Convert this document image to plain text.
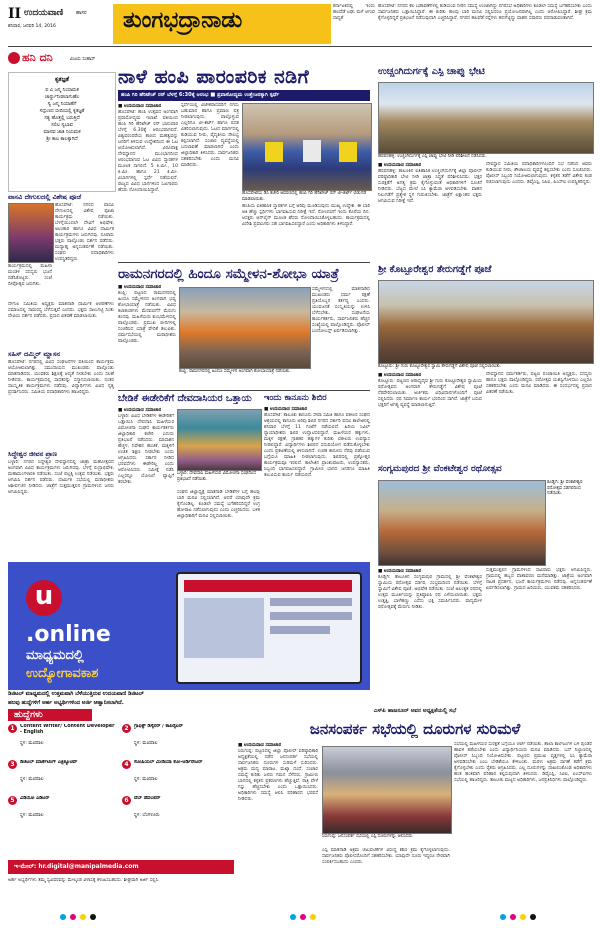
II ಉದಯವಾಣಿ	ಹಾಸನ
ಶನಿವಾರ, ಜನವರಿ 14, 2016	ತುಂಗಭದ್ರಾನಾಡು
ಕರ್ನಾಟಕದಲ್ಲಿ ಇಂದು ಹಲವೆಡೆ ಲಘು ಮಳೆ ಆಗುವ ಸಾಧ್ಯತೆ
ಹೊಸಪೇಟೆ: ನಗರದ ಕೆಲ ಬಡಾವಣೆಗಳಲ್ಲಿ ಕುಡಿಯುವ ನೀರಿನ ಸಮಸ್ಯೆ ಉಂಟಾಗಿದ್ದು ನಗರಸಭೆ ಅಧಿಕಾರಿಗಳು ಕೂಡಲೇ ಸಮಸ್ಯೆ ಬಗೆಹರಿಸಬೇಕು ಎಂದು ಸಾರ್ವಜನಿಕರು ಒತ್ತಾಯಿಸಿದ್ದಾರೆ. ಈ ಕುರಿತು ಹಲವು ಬಾರಿ ಮನವಿ ಸಲ್ಲಿಸಿದರೂ ಪ್ರಯೋಜನವಾಗಿಲ್ಲ ಎಂದು ಆರೋಪಿಸಿದ್ದಾರೆ. ಶೀಘ್ರ ಕ್ರಮ ಕೈಗೊಳ್ಳದಿದ್ದರೆ ಪ್ರತಿಭಟನೆ ನಡೆಸುವುದಾಗಿ ಎಚ್ಚರಿಸಿದ್ದಾರೆ. ನಗರದ ಹಲವೆಡೆ ರಸ್ತೆಗಳು ಹದಗೆಟ್ಟಿದ್ದು ವಾಹನ ಸವಾರರು ಪರದಾಡುವಂತಾಗಿದೆ.
ಹನಿ ದನಿ	ವಿಜಯ ಸುಹಾಸ್
ಕೃತಜ್ಞತೆ
ಪ ವಿ ಜನ್ಮ ನಿಯಾಮಕ
ಚಾರ್ರ್ದುನೀಡಲಾಗುಹೆಲ
ಸ್ವ ಜನ್ಮ ನಿಯಾಹೆಗೆ
ಸದ್ಗುಣದ ಬೀದಿಯಲ್ಲಿ ಕೃತಜ್ಞತೆ
ಸತ್ಯ ಹೊತ್ತಲ್ಲಿ ಬರುತ್ತಿದೆ
ಸಲಿಲ ಸ್ವಭಾವ
ಮಾನವ ಜಾತಿ ನಿಯಮಕ
ಶ್ರೀ ಕಾಲ ಕಾಲಕ್ಕಾಗಿದೆ
ವಾಸವಿ ದೇಗುಲದಲ್ಲಿ ವಿಶೇಷ ಪೂಜೆ
ಹೊಸಪೇಟೆ: ನಗರದ ವಾಸವಿ ದೇಗುಲದಲ್ಲಿ ವಿಶೇಷ ಪೂಜಾ ಕಾರ್ಯಕ್ರಮ ನಡೆಯಿತು. ಬೆಳಗ್ಗೆಯಿಂದಲೇ ದೇವಿಗೆ ಅಭಿಷೇಕ, ಅಲಂಕಾರ ಹಾಗೂ ವಿವಿಧ ಧಾರ್ಮಿಕ ಕಾರ್ಯಕ್ರಮಗಳು ಜರುಗಿದವು. ನೂರಾರು ಭಕ್ತರು ಪಾಲ್ಗೊಂಡು ದರ್ಶನ ಪಡೆದರು. ಮಧ್ಯಾಹ್ನ ಅನ್ನಸಂತರ್ಪಣೆ ನಡೆಯಿತು. ಸಂಘದ ಪದಾಧಿಕಾರಿಗಳು ಉಪಸ್ಥಿತರಿದ್ದರು.
ಕಾರ್ಯಕ್ರಮದಲ್ಲಿ ಮಹಿಳಾ ಮಂಡಳಿ ಸದಸ್ಯರು ಭಜನೆ ನಡೆಸಿಕೊಟ್ಟರು. ಸಂಜೆ ದೀಪೋತ್ಸವ ಜರುಗಿತು.
ದೇಗುಲ ಸಮಿತಿಯ ಅಧ್ಯಕ್ಷರು ಮಾತನಾಡಿ ಧಾರ್ಮಿಕ ಆಚರಣೆಗಳು ಸಮಾಜದಲ್ಲಿ ಸಾಮರಸ್ಯ ಬೆಳೆಸುತ್ತವೆ ಎಂದರು. ಭಕ್ತರು ಸಾಲುಗಟ್ಟಿ ನಿಂತು ದೇವಿಯ ದರ್ಶನ ಪಡೆದರು. ಪ್ರಸಾದ ವಿತರಣೆ ಮಾಡಲಾಯಿತು.
ಸಹಿಸ್ ದಮ್ಮಿರ್ ಮ್ಹಾಸನ
ಹೊಸಪೇಟೆ: ನಗರದಲ್ಲಿ ವಿವಿಧ ಸಂಘಟನೆಗಳ ವತಿಯಿಂದ ಕಾರ್ಯಕ್ರಮ ಆಯೋಜಿಸಲಾಗಿತ್ತು. ಸಮುದಾಯದ ಮುಖಂಡರು ಪಾಲ್ಗೊಂಡು ಮಾತನಾಡಿದರು. ಯುವಕರು ಶಿಕ್ಷಣಕ್ಕೆ ಆದ್ಯತೆ ನೀಡಬೇಕು ಎಂದು ಸಲಹೆ ನೀಡಿದರು. ಕಾರ್ಯಕ್ರಮದಲ್ಲಿ ಸಾಧಕರನ್ನು ಸನ್ಮಾನಿಸಲಾಯಿತು. ನಂತರ ಸಾಂಸ್ಕೃತಿಕ ಕಾರ್ಯಕ್ರಮಗಳು ನಡೆದವು. ವಿದ್ಯಾರ್ಥಿಗಳು ವಿವಿಧ ನೃತ್ಯ ಪ್ರದರ್ಶಿಸಿದರು. ಸಮಿತಿಯ ಪದಾಧಿಕಾರಿಗಳು ಹಾಜರಿದ್ದರು.
ಸಿದ್ಧೇಶ್ವರ ಜೀವನ ಪ್ರಾಣ
ಬಳ್ಳಾರಿ: ನಗರದ ಸಿದ್ಧೇಶ್ವರ ದೇವಸ್ಥಾನದಲ್ಲಿ ಜಾತ್ರಾ ಮಹೋತ್ಸವದ ಅಂಗವಾಗಿ ವಿವಿಧ ಕಾರ್ಯಕ್ರಮಗಳು ಜರುಗಿದವು. ಬೆಳಗ್ಗೆ ರುದ್ರಾಭಿಷೇಕ, ಮಹಾಮಂಗಳಾರತಿ ನಡೆಯಿತು. ಸಂಜೆ ಪಲ್ಲಕ್ಕಿ ಉತ್ಸವ ನಡೆಯಿತು. ಭಕ್ತರು ಆಗಮಿಸಿ ದರ್ಶನ ಪಡೆದರು. ಧಾರ್ಮಿಕ ಸಭೆಯಲ್ಲಿ ಮಠಾಧೀಶರು ಆಶೀರ್ವಚನ ನೀಡಿದರು. ಜಾತ್ರೆಗೆ ಸುತ್ತಮುತ್ತಲಿನ ಗ್ರಾಮಗಳಿಂದ ಜನರು ಆಗಮಿಸಿದ್ದರು.
ನಾಳೆ ಹಂಪಿ ಪಾರಂಪರಿಕ ನಡಿಗೆ
ಹಂಪಿ ಗಿರಿ ಹೆರಿಟೇಜ್ ರನ್ ಬೆಳಗ್ಗೆ 6:30ಕ್ಕೆ ಆರಂಭ ■ ಪ್ರವಾಸೋದ್ಯಮ ಉತ್ತೇಜನಕ್ಕಾಗಿ ಸ್ಪರ್ಧೆ
■ ಉದಯವಾಣಿ ಸಮಾಚಾರ
ಹೊಸಪೇಟೆ: ಹಂಪಿ ಉತ್ಸವದ ಅಂಗವಾಗಿ ಪ್ರವಾಸೋದ್ಯಮ ಇಲಾಖೆ ವತಿಯಿಂದ ಹಂಪಿ ಗಿರಿ ಹೆರಿಟೇಜ್ ರನ್ ಭಾನುವಾರ ಬೆಳಗ್ಗೆ 6.30ಕ್ಕೆ ಆರಂಭವಾಗಲಿದೆ. ವಿಶ್ವಪರಂಪರೆಯ ತಾಣದ ಮಹತ್ವವನ್ನು ಜನರಿಗೆ ತಿಳಿಸುವ ಉದ್ದೇಶದಿಂದ ಈ ಓಟ ಆಯೋಜಿಸಲಾಗಿದೆ. ವಿರೂಪಾಕ್ಷ ದೇವಸ್ಥಾನದ ಮುಂಭಾಗದಿಂದ ಆರಂಭವಾಗುವ ಓಟ ವಿವಿಧ ಸ್ಮಾರಕಗಳ ಮೂಲಕ ಸಾಗಲಿದೆ. 5 ಕಿ.ಮೀ., 10 ಕಿ.ಮೀ. ಹಾಗೂ 21 ಕಿ.ಮೀ. ವಿಭಾಗಗಳಲ್ಲಿ ಸ್ಪರ್ಧೆ ನಡೆಯಲಿದೆ. ರಾಜ್ಯದ ವಿವಿಧ ಭಾಗಗಳಿಂದ ಓಟಗಾರರು ಹೆಸರು ನೋಂದಾಯಿಸಿದ್ದಾರೆ.
ಸ್ಪರ್ಧೆಯಲ್ಲಿ ವಿಜೇತರಾದವರಿಗೆ ನಗದು ಬಹುಮಾನ ಹಾಗೂ ಪ್ರಮಾಣ ಪತ್ರ ನೀಡಲಾಗುವುದು. ಪಾಲ್ಗೊಳ್ಳುವ ಎಲ್ಲರಿಗೂ ಟೀ-ಶರ್ಟ್ ಹಾಗೂ ಪದಕ ವಿತರಿಸಲಾಗುವುದು. ಓಟದ ಮಾರ್ಗದಲ್ಲಿ ಕುಡಿಯುವ ನೀರು, ವೈದ್ಯಕೀಯ ಸೌಲಭ್ಯ ಕಲ್ಪಿಸಲಾಗಿದೆ. ಸಂಚಾರ ವ್ಯವಸ್ಥೆಯಲ್ಲಿ ಬದಲಾವಣೆ ಮಾಡಲಾಗಿದೆ ಎಂದು ಜಿಲ್ಲಾಧಿಕಾರಿ ತಿಳಿಸಿದರು. ಸಾರ್ವಜನಿಕರು ಸಹಕರಿಸಬೇಕು ಎಂದು ಮನವಿ ಮಾಡಿದರು.
ಹೊಸಪೇಟೆಯ ಡಿಸಿ ಕಚೇರಿ ಆವರಣದಲ್ಲಿ ಹಂಪಿ ಗಿರಿ ಹೆರಿಟೇಜ್ ರನ್ ಟೀ-ಶರ್ಟ್ ಬಿಡುಗಡೆ ಮಾಡಲಾಯಿತು.
ಹಂಪಿಯ ಐತಿಹಾಸಿಕ ಸ್ಮಾರಕಗಳ ಬಗ್ಗೆ ಅರಿವು ಮೂಡಿಸುವುದು ಮುಖ್ಯ ಉದ್ದೇಶ. ಈ ಬಾರಿ ಅತಿ ಹೆಚ್ಚು ಸ್ಪರ್ಧಿಗಳು ಭಾಗವಹಿಸುವ ನಿರೀಕ್ಷೆ ಇದೆ. ನೋಂದಣಿಗೆ ಇಂದು ಕೊನೆಯ ದಿನ. ಆಸಕ್ತರು ಆನ್‌ಲೈನ್ ಮೂಲಕ ಹೆಸರು ನೋಂದಾಯಿಸಿಕೊಳ್ಳಬಹುದು. ಕಾರ್ಯಕ್ರಮದಲ್ಲಿ ವಿದೇಶಿ ಪ್ರವಾಸಿಗರು ಸಹ ಭಾಗವಹಿಸಲಿದ್ದಾರೆ ಎಂದು ಅಧಿಕಾರಿಗಳು ತಿಳಿಸಿದ್ದಾರೆ.
ರಾಮನಗರದಲ್ಲಿ ಹಿಂದೂ ಸಮ್ಮೇಳನ-ಶೋಭಾ ಯಾತ್ರೆ
■ ಉದಯವಾಣಿ ಸಮಾಚಾರ
ಕಂಪ್ಲಿ: ಪಟ್ಟಣದ ರಾಮನಗರದಲ್ಲಿ ಹಿಂದೂ ಸಮ್ಮೇಳನದ ಅಂಗವಾಗಿ ಭವ್ಯ ಶೋಭಾಯಾತ್ರೆ ನಡೆಯಿತು. ವಿವಿಧ ಕಲಾತಂಡಗಳು ಮೆರವಣಿಗೆಗೆ ಮೆರುಗು ತಂದವು. ಮಹಿಳೆಯರು ಕುಂಭಮೇಳದಲ್ಲಿ ಪಾಲ್ಗೊಂಡರು. ಪ್ರಮುಖ ಬೀದಿಗಳಲ್ಲಿ ಸಂಚರಿಸಿದ ಯಾತ್ರೆ ವೇದಿಕೆ ತಲುಪಿತು. ಧರ್ಮಸಭೆಯಲ್ಲಿ ಮಠಾಧೀಶರು ಪಾಲ್ಗೊಂಡರು.
ಕಂಪ್ಲಿ: ರಾಮನಗರದಲ್ಲಿ ಹಿಂದೂ ಸಮ್ಮೇಳನ ಅಂಗವಾಗಿ ಶೋಭಾಯಾತ್ರೆ ನಡೆಯಿತು.
ಸಮ್ಮೇಳನದಲ್ಲಿ ಮಾತನಾಡಿದ ಮುಖಂಡರು ಧರ್ಮ ರಕ್ಷಣೆ ಪ್ರತಿಯೊಬ್ಬರ ಕರ್ತವ್ಯ ಎಂದರು. ಯುವಜನತೆ ಸಂಸ್ಕೃತಿಯನ್ನು ಉಳಿಸಿ ಬೆಳೆಸಬೇಕು. ಸಂಘಟನೆಯ ಕಾರ್ಯಕರ್ತರು, ಸಾರ್ವಜನಿಕರು ಹೆಚ್ಚಿನ ಸಂಖ್ಯೆಯಲ್ಲಿ ಪಾಲ್ಗೊಂಡಿದ್ದರು. ಪೊಲೀಸ್ ಬಂದೋಬಸ್ತ್ ಏರ್ಪಡಿಸಲಾಗಿತ್ತು.
ಬೇಡಿಕೆ ಈಡೇರಿಕೆಗೆ ದೇವದಾಸಿಯರ ಒತ್ತಾಯ
■ ಉದಯವಾಣಿ ಸಮಾಚಾರ
ಬಳ್ಳಾರಿ: ವಿವಿಧ ಬೇಡಿಕೆಗಳ ಈಡೇರಿಕೆಗೆ ಒತ್ತಾಯಿಸಿ ದೇವದಾಸಿ ಮಹಿಳೆಯರ ವಿಮೋಚನಾ ಸಂಘದ ಕಾರ್ಯಕರ್ತರು ಜಿಲ್ಲಾಧಿಕಾರಿ ಕಚೇರಿ ಎದುರು ಪ್ರತಿಭಟನೆ ನಡೆಸಿದರು. ಮಾಸಾಶನ ಹೆಚ್ಚಳ, ನಿವೇಶನ ಹಂಚಿಕೆ, ಮಕ್ಕಳಿಗೆ ಉಚಿತ ಶಿಕ್ಷಣ ನೀಡಬೇಕು ಎಂದು ಆಗ್ರಹಿಸಿದರು. ಸರ್ಕಾರ ನೀಡಿದ ಭರವಸೆಗಳು ಈಡೇರಿಲ್ಲ ಎಂದು ಆರೋಪಿಸಿದರು. ಸಮೀಕ್ಷೆ ನಡೆಸಿ ಎಲ್ಲರನ್ನೂ ಯೋಜನೆ ವ್ಯಾಪ್ತಿಗೆ ತರಬೇಕು.
ಬಳ್ಳಾರಿ: ದೇವದಾಸಿ ಮಹಿಳೆಯರ ವಿಮೋಚನಾ ಸಂಘದಿಂದ ಪ್ರತಿಭಟನೆ ನಡೆಯಿತು.
ಸಂಘದ ಜಿಲ್ಲಾಧ್ಯಕ್ಷೆ ಮಾತನಾಡಿ ಬೇಡಿಕೆಗಳ ಬಗ್ಗೆ ಹಲವು ಬಾರಿ ಮನವಿ ಸಲ್ಲಿಸಲಾಗಿದೆ. ಆದರೆ ಯಾವುದೇ ಕ್ರಮ ಕೈಗೊಂಡಿಲ್ಲ. ಕೂಡಲೇ ಸಮಸ್ಯೆ ಬಗೆಹರಿಸದಿದ್ದರೆ ಉಗ್ರ ಹೋರಾಟ ನಡೆಸಲಾಗುವುದು ಎಂದು ಎಚ್ಚರಿಸಿದರು. ಬಳಿಕ ಜಿಲ್ಲಾಧಿಕಾರಿಗೆ ಮನವಿ ಸಲ್ಲಿಸಲಾಯಿತು.
ಇಂದು ಕಾನೂನು ಶಿಬಿರ
■ ಉದಯವಾಣಿ ಸಮಾಚಾರ
ಹೊಸಪೇಟೆ: ತಾಲೂಕು ಕಾನೂನು ಸೇವಾ ಸಮಿತಿ ಹಾಗೂ ವಕೀಲರ ಸಂಘದ ಆಶ್ರಯದಲ್ಲಿ ಕಾನೂನು ಅರಿವು ಶಿಬಿರ ನಗರದ ಸರ್ಕಾರಿ ಪದವಿ ಕಾಲೇಜಿನಲ್ಲಿ ಶನಿವಾರ ಬೆಳಗ್ಗೆ 11 ಗಂಟೆಗೆ ನಡೆಯಲಿದೆ. ಹಿರಿಯ ಸಿವಿಲ್ ನ್ಯಾಯಾಧೀಶರು ಶಿಬಿರ ಉದ್ಘಾಟಿಸಲಿದ್ದಾರೆ. ಮಹಿಳೆಯರ ಹಕ್ಕುಗಳು, ಮಕ್ಕಳ ರಕ್ಷಣೆ, ಗ್ರಾಹಕರ ಹಕ್ಕುಗಳ ಕುರಿತು ವಕೀಲರು ಉಪನ್ಯಾಸ ನೀಡಲಿದ್ದಾರೆ. ವಿದ್ಯಾರ್ಥಿಗಳು ಶಿಬಿರದ ಸದುಪಯೋಗ ಪಡೆದುಕೊಳ್ಳಬೇಕು ಎಂದು ಪ್ರಕಟಣೆಯಲ್ಲಿ ತಿಳಿಸಲಾಗಿದೆ. ಉಚಿತ ಕಾನೂನು ನೆರವು ಪಡೆಯುವ ಬಗ್ಗೆಯೂ ಮಾಹಿತಿ ನೀಡಲಾಗುವುದು. ಶಿಬಿರದಲ್ಲಿ ಪ್ರಶ್ನೋತ್ತರ ಕಾರ್ಯಕ್ರಮವೂ ಇರಲಿದೆ. ಕಾಲೇಜಿನ ಪ್ರಾಂಶುಪಾಲರು, ಉಪನ್ಯಾಸಕರು, ಸಿಬ್ಬಂದಿ ಭಾಗವಹಿಸಲಿದ್ದಾರೆ. ಗ್ರಾಮೀಣ ಭಾಗದ ಜನರಿಗೂ ಮಾಹಿತಿ ತಲುಪಿಸುವ ಕಾರ್ಯ ನಡೆಯಲಿದೆ.
ಉಚ್ಚಂಗಿದುರ್ಗಕ್ಕೆ ಎಸ್ಪಿ ಚಾಪ್ನು ಭೇಟಿ
ಹರಪನಹಳ್ಳಿ: ಉಚ್ಚಂಗಿದುರ್ಗಕ್ಕೆ ಎಸ್ಪಿ ಚಾಪ್ನು ಭೇಟಿ ನೀಡಿ ಪರಿಶೀಲನೆ ನಡೆಸಿದರು.
■ ಉದಯವಾಣಿ ಸಮಾಚಾರ
ಹರಪನಹಳ್ಳಿ: ತಾಲೂಕಿನ ಐತಿಹಾಸಿಕ ಉಚ್ಚಂಗಿದುರ್ಗಕ್ಕೆ ಜಿಲ್ಲಾ ಪೊಲೀಸ್ ವರಿಷ್ಠಾಧಿಕಾರಿ ಭೇಟಿ ನೀಡಿ ಜಾತ್ರಾ ಸಿದ್ಧತೆ ಪರಿಶೀಲಿಸಿದರು. ಭಕ್ತರ ಸುರಕ್ಷತೆಗೆ ಅಗತ್ಯ ಕ್ರಮ ಕೈಗೊಳ್ಳುವಂತೆ ಅಧಿಕಾರಿಗಳಿಗೆ ಸೂಚನೆ ನೀಡಿದರು. ಬೆಟ್ಟದ ಮೇಲೆ ಸಿಸಿ ಕ್ಯಾಮೆರಾ ಅಳವಡಿಸಬೇಕು. ವಾಹನ ನಿಲುಗಡೆಗೆ ಪ್ರತ್ಯೇಕ ಸ್ಥಳ ಗುರುತಿಸಬೇಕು. ಜಾತ್ರೆಗೆ ಲಕ್ಷಾಂತರ ಭಕ್ತರು ಆಗಮಿಸುವ ನಿರೀಕ್ಷೆ ಇದೆ.
ದೇವಸ್ಥಾನ ಸಮಿತಿಯ ಪದಾಧಿಕಾರಿಗಳೊಂದಿಗೆ ಸಭೆ ನಡೆಸಿದ ಅವರು ಕುಡಿಯುವ ನೀರು, ಶೌಚಾಲಯ ವ್ಯವಸ್ಥೆ ಕಲ್ಪಿಸಬೇಕು ಎಂದು ಸೂಚಿಸಿದರು. ಪೊಲೀಸ್ ಸಿಬ್ಬಂದಿ ನಿಯೋಜಿಸಲಾಗುವುದು. ಕಳ್ಳತನ ತಡೆಗೆ ವಿಶೇಷ ತಂಡ ರಚಿಸಲಾಗುವುದು ಎಂದರು. ಡಿವೈಎಸ್ಪಿ, ಸಿಪಿಐ, ಪಿಎಸ್‌ಐ ಉಪಸ್ಥಿತರಿದ್ದರು.
ಶ್ರೀ ಕೊಟ್ಟೂರೇಶ್ವರ ತೇರುಗಡ್ಡೆಗೆ ಪೂಜೆ
ಕೊಟ್ಟೂರು: ಶ್ರೀ ಗುರು ಕೊಟ್ಟೂರೇಶ್ವರ ಸ್ವಾಮಿ ತೇರುಗಡ್ಡೆಗೆ ವಿಶೇಷ ಪೂಜೆ ಸಲ್ಲಿಸಲಾಯಿತು.
■ ಉದಯವಾಣಿ ಸಮಾಚಾರ
ಕೊಟ್ಟೂರು: ಪಟ್ಟಣದ ಆರಾಧ್ಯದೈವ ಶ್ರೀ ಗುರು ಕೊಟ್ಟೂರೇಶ್ವರ ಸ್ವಾಮಿಯ ರಥೋತ್ಸವದ ಅಂಗವಾಗಿ ತೇರುಗಡ್ಡೆಗೆ ವಿಶೇಷ ಪೂಜೆ ನೆರವೇರಿಸಲಾಯಿತು. ಅರ್ಚಕರು ವಿಧಿವಿಧಾನಗಳೊಂದಿಗೆ ಪೂಜೆ ಸಲ್ಲಿಸಿದರು. ರಥ ನಿರ್ಮಾಣ ಕಾರ್ಯ ಭರದಿಂದ ಸಾಗಿದೆ. ಜಾತ್ರೆಗೆ ಬರುವ ಭಕ್ತರಿಗೆ ಅಗತ್ಯ ವ್ಯವಸ್ಥೆ ಮಾಡಲಾಗುತ್ತಿದೆ.
ದೇವಸ್ಥಾನದ ಧರ್ಮಕರ್ತರು, ಪಟ್ಟಣ ಪಂಚಾಯಿತಿ ಅಧ್ಯಕ್ಷರು, ಸದಸ್ಯರು ಹಾಗೂ ಭಕ್ತರು ಪಾಲ್ಗೊಂಡಿದ್ದರು. ರಥೋತ್ಸವ ಯಶಸ್ವಿಗೊಳಿಸಲು ಎಲ್ಲರೂ ಸಹಕರಿಸಬೇಕು ಎಂದು ಮನವಿ ಮಾಡಿದರು. ಈ ಸಂದರ್ಭದಲ್ಲಿ ಪ್ರಸಾದ ವಿತರಣೆ ನಡೆಯಿತು.
ಸಂಗ್ಯಮಪುರದ ಶ್ರೀ ವೆಂಕಟೇಶ್ವರ ರಥೋತ್ಸವ
ಕೂಡ್ಲಿಗಿ: ಶ್ರೀ ವೆಂಕಟೇಶ್ವರ ರಥೋತ್ಸವ ಸಡಗರದಿಂದ ನಡೆಯಿತು.
■ ಉದಯವಾಣಿ ಸಮಾಚಾರ
ಕೂಡ್ಲಿಗಿ: ತಾಲೂಕಿನ ಸಂಗ್ಯಮಪುರ ಗ್ರಾಮದಲ್ಲಿ ಶ್ರೀ ವೆಂಕಟೇಶ್ವರ ಸ್ವಾಮಿಯ ರಥೋತ್ಸವ ಸಡಗರ, ಸಂಭ್ರಮದಿಂದ ನಡೆಯಿತು. ಬೆಳಗ್ಗೆ ಸ್ವಾಮಿಗೆ ವಿಶೇಷ ಪೂಜೆ, ಅಭಿಷೇಕ ನಡೆಯಿತು. ಸಂಜೆ ಅಲಂಕೃತ ರಥದಲ್ಲಿ ಉತ್ಸವ ಮೂರ್ತಿಯನ್ನು ಪ್ರತಿಷ್ಠಾಪಿಸಿ ರಥ ಎಳೆಯಲಾಯಿತು. ಭಕ್ತರು ಉತ್ತತ್ತಿ, ಬಾಳೆಹಣ್ಣು ಎಸೆದು ಭಕ್ತಿ ಸಮರ್ಪಿಸಿದರು. ವಾದ್ಯಮೇಳ ರಥೋತ್ಸವಕ್ಕೆ ಮೆರುಗು ನೀಡಿತು.
ಸುತ್ತಮುತ್ತಲಿನ ಗ್ರಾಮಗಳಿಂದ ಸಾವಿರಾರು ಭಕ್ತರು ಆಗಮಿಸಿದ್ದರು. ಗ್ರಾಮದಲ್ಲಿ ಹಬ್ಬದ ವಾತಾವರಣ ಮನೆಮಾಡಿತ್ತು. ಜಾತ್ರೆಯ ಅಂಗವಾಗಿ ನಾಟಕ ಪ್ರದರ್ಶನ, ಭಜನೆ ಕಾರ್ಯಕ್ರಮಗಳು ನಡೆದವು. ಅನ್ನಸಂತರ್ಪಣೆ ಏರ್ಪಡಿಸಲಾಗಿತ್ತು. ಗ್ರಾಮದ ಹಿರಿಯರು, ಯುವಕರು ಸಹಕರಿಸಿದರು.
u
.online
ಮಾಧ್ಯಮದಲ್ಲಿ
ಉದ್ಯೋಗಾವಕಾಶ
ಡಿಜಿಟಲ್ ಮಾಧ್ಯಮದಲ್ಲಿ ಉತ್ತಮವಾಗಿ ಬೆಳೆಯುತ್ತಿರುವ ಉದಯವಾಣಿ ಡಿಜಿಟಲ್
ಹಲವು ಹುದ್ದೆಗಳಿಗೆ ಅರ್ಹ ಅಭ್ಯರ್ಥಿಗಳಿಂದ ಅರ್ಜಿ ಆಹ್ವಾನಿಸಲಾಗಿದೆ.
ಹುದ್ದೆಗಳು
1	Content Writer/ Content Developer - English
ಸ್ಥಳ: ಮಣಿಪಾಲ
2	ಗ್ರಾಫಿಕ್ಸ್ ಡಿಸೈನರ್ / ಕಾಪಿರೈಟರ್
ಸ್ಥಳ: ಮಣಿಪಾಲ
3	ಡಿಜಿಟಲ್ ಮಾರ್ಕೆಟಿಂಗ್ ಎಕ್ಸಿಕ್ಯೂಟಿವ್
ಸ್ಥಳ: ಮಣಿಪಾಲ
4	ಸೋಷಿಯಲ್ ಮೀಡಿಯಾ ಕೋ-ಆರ್ಡಿನೇಟರ್
ಸ್ಥಳ: ಮಣಿಪಾಲ
5	ವಿಡಿಯೋ ಎಡಿಟರ್
ಸ್ಥಳ: ಮಣಿಪಾಲ
6	ವೆಬ್ ಡೆವಲಪರ್
ಸ್ಥಳ: ಬೆಂಗಳೂರು
ಇ-ಮೇಲ್: hr.digital@manipalmedia.com
ಅರ್ಹ ಅಭ್ಯರ್ಥಿಗಳು ತಮ್ಮ ಸ್ವವಿವರವನ್ನು ಮೇಲ್ಕಂಡ ವಿಳಾಸಕ್ಕೆ ಕಳುಹಿಸಬಹುದು. ಶೀಘ್ರವಾಗಿ ಅರ್ಜಿ ಸಲ್ಲಿಸಿ.
ಎಸ್‌ಪಿ ಹಾಜನೂರ್ ಅವರ ಅಧ್ಯಕ್ಷತೆಯಲ್ಲಿ ಸಭೆ
ಜನಸಂಪರ್ಕ ಸಭೆಯಲ್ಲಿ ದೂರುಗಳ ಸುರಿಮಳೆ
■ ಉದಯವಾಣಿ ಸಮಾಚಾರ
ಸಿರುಗುಪ್ಪ: ಪಟ್ಟಣದಲ್ಲಿ ಜಿಲ್ಲಾ ಪೊಲೀಸ್ ವರಿಷ್ಠಾಧಿಕಾರಿ ಅಧ್ಯಕ್ಷತೆಯಲ್ಲಿ ನಡೆದ ಜನಸಂಪರ್ಕ ಸಭೆಯಲ್ಲಿ ಸಾರ್ವಜನಿಕರು ದೂರುಗಳ ಸುರಿಮಳೆ ಸುರಿಸಿದರು. ಅಕ್ರಮ ಮದ್ಯ ಮಾರಾಟ, ಮಟ್ಕಾ ದಂಧೆ, ಸಂಚಾರ ಸಮಸ್ಯೆ ಕುರಿತು ಜನರು ಗಮನ ಸೆಳೆದರು. ಗ್ರಾಮೀಣ ಭಾಗದಲ್ಲಿ ಕಳ್ಳತನ ಪ್ರಕರಣಗಳು ಹೆಚ್ಚುತ್ತಿವೆ. ರಾತ್ರಿ ವೇಳೆ ಗಸ್ತು ಹೆಚ್ಚಿಸಬೇಕು ಎಂದು ಒತ್ತಾಯಿಸಿದರು. ಅಧಿಕಾರಿಗಳು ಸಮಸ್ಯೆ ಆಲಿಸಿ ಪರಿಹಾರದ ಭರವಸೆ ನೀಡಿದರು.
ಸಿರುಗುಪ್ಪ: ಜನಸಂಪರ್ಕ ಸಭೆಯಲ್ಲಿ ಎಸ್ಪಿ ದೂರುಗಳನ್ನು ಆಲಿಸಿದರು.
ಎಸ್ಪಿ ಮಾತನಾಡಿ ಅಕ್ರಮ ಚಟುವಟಿಕೆಗಳ ವಿರುದ್ಧ ಕಠಿಣ ಕ್ರಮ ಕೈಗೊಳ್ಳಲಾಗುವುದು. ಸಾರ್ವಜನಿಕರು ಪೊಲೀಸರೊಂದಿಗೆ ಸಹಕರಿಸಬೇಕು. ಯಾವುದೇ ದೂರು ಇದ್ದರೂ ನೇರವಾಗಿ ಸಂಪರ್ಕಿಸಬಹುದು ಎಂದರು.
ಸಭೆಯಲ್ಲಿ ಮಹಿಳೆಯರ ಸುರಕ್ಷತೆ ಬಗ್ಗೆಯೂ ಚರ್ಚೆ ನಡೆಯಿತು. ಶಾಲಾ ಕಾಲೇಜುಗಳ ಬಳಿ ಪುಂಡರ ಹಾವಳಿ ತಡೆಯಬೇಕು ಎಂದು ವಿದ್ಯಾರ್ಥಿನಿಯರು ಮನವಿ ಮಾಡಿದರು. ಬಸ್ ನಿಲ್ದಾಣದಲ್ಲಿ ಪೊಲೀಸ್ ಸಿಬ್ಬಂದಿ ನಿಯೋಜಿಸಬೇಕು. ಪಟ್ಟಣದ ಪ್ರಮುಖ ವೃತ್ತಗಳಲ್ಲಿ ಸಿಸಿ ಕ್ಯಾಮೆರಾ ಅಳವಡಿಸಬೇಕು ಎಂಬ ಬೇಡಿಕೆಯೂ ಕೇಳಿಬಂತು. ಮರಳು ಅಕ್ರಮ ಸಾಗಣೆ ತಡೆಗೆ ಕ್ರಮ ಕೈಗೊಳ್ಳಬೇಕು ಎಂದು ರೈತರು ಆಗ್ರಹಿಸಿದರು. ಎಲ್ಲ ದೂರುಗಳನ್ನು ದಾಖಲಿಸಿಕೊಂಡ ಅಧಿಕಾರಿಗಳು ಹಂತ ಹಂತವಾಗಿ ಪರಿಹಾರ ಕಲ್ಪಿಸುವುದಾಗಿ ತಿಳಿಸಿದರು. ಡಿವೈಎಸ್ಪಿ, ಸಿಪಿಐ, ಪಿಎಸ್‌ಐಗಳು ಸಭೆಯಲ್ಲಿ ಹಾಜರಿದ್ದರು. ತಾಲೂಕು ಮಟ್ಟದ ಅಧಿಕಾರಿಗಳು, ಜನಪ್ರತಿನಿಧಿಗಳು ಪಾಲ್ಗೊಂಡಿದ್ದರು.
